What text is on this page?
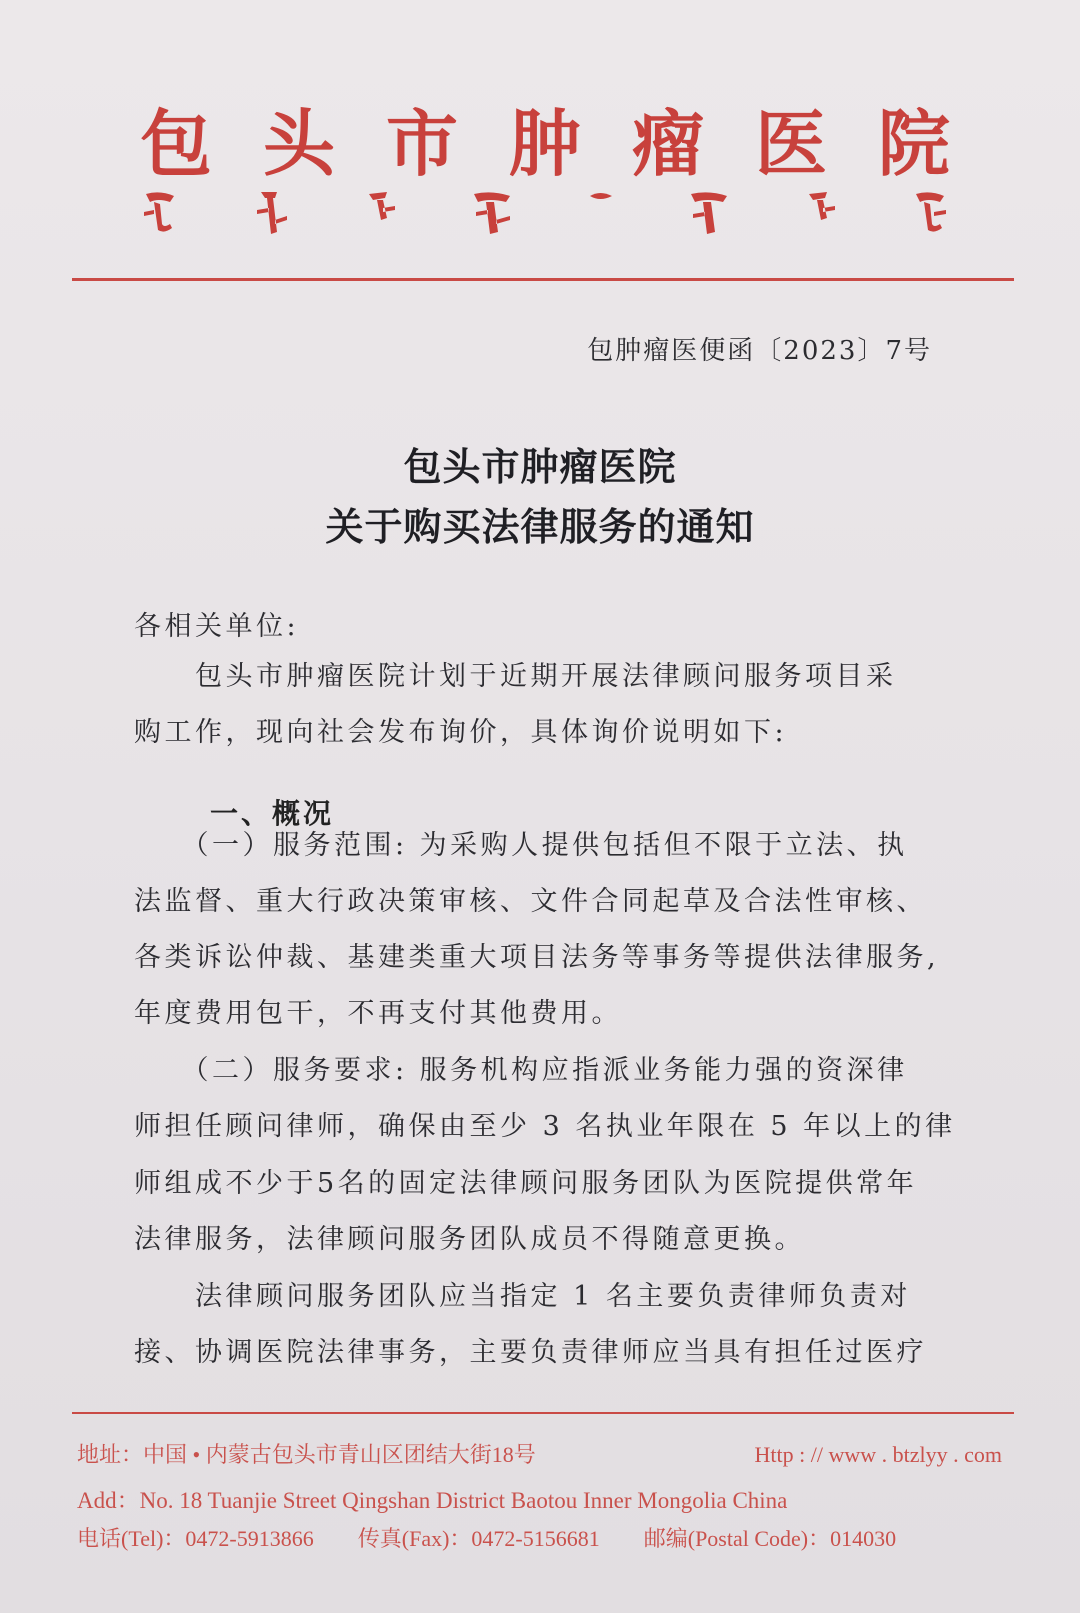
包 头 市 肿 瘤 医 院
包肿瘤医便函〔2023〕7号
包头市肿瘤医院
关于购买法律服务的通知
各相关单位:
　　包头市肿瘤医院计划于近期开展法律顾问服务项目采
购工作，现向社会发布询价，具体询价说明如下:
一、概况
　　（一）服务范围: 为采购人提供包括但不限于立法、执
法监督、重大行政决策审核、文件合同起草及合法性审核、
各类诉讼仲裁、基建类重大项目法务等事务等提供法律服务,
年度费用包干，不再支付其他费用。
　　（二）服务要求: 服务机构应指派业务能力强的资深律
师担任顾问律师，确保由至少 3 名执业年限在 5 年以上的律
师组成不少于5名的固定法律顾问服务团队为医院提供常年
法律服务，法律顾问服务团队成员不得随意更换。
　　法律顾问服务团队应当指定 1 名主要负责律师负责对
接、协调医院法律事务，主要负责律师应当具有担任过医疗
地址：中国 • 内蒙古包头市青山区团结大街18号	Http : // www . btzlyy . com
Add：No. 18 Tuanjie Street Qingshan District Baotou Inner Mongolia China
电话(Tel)：0472-5913866　　传真(Fax)：0472-5156681　　邮编(Postal Code)：014030
